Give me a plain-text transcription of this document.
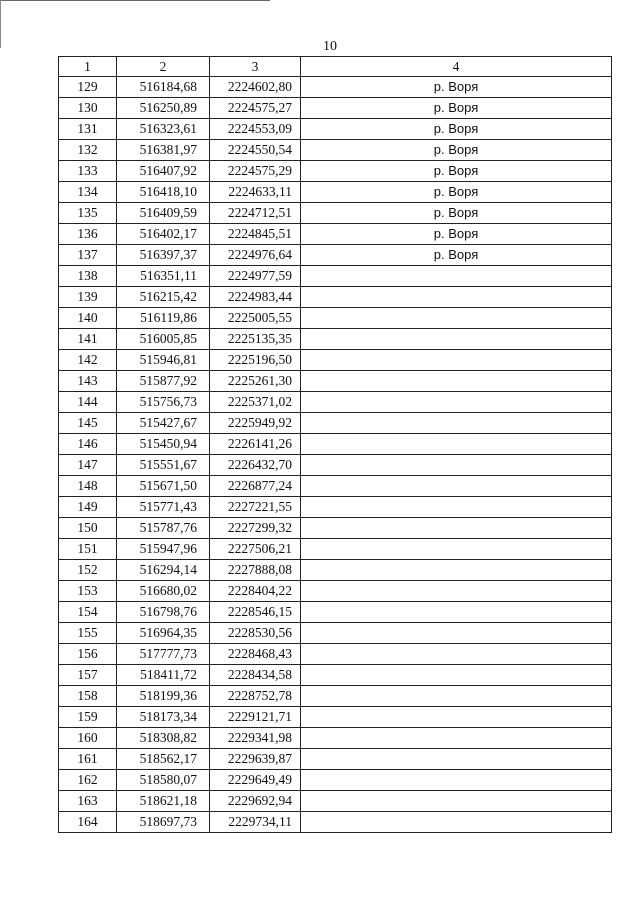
10
1	2	3	4
129	516184,68	2224602,80	р. Воря
130	516250,89	2224575,27	р. Воря
131	516323,61	2224553,09	р. Воря
132	516381,97	2224550,54	р. Воря
133	516407,92	2224575,29	р. Воря
134	516418,10	2224633,11	р. Воря
135	516409,59	2224712,51	р. Воря
136	516402,17	2224845,51	р. Воря
137	516397,37	2224976,64	р. Воря
138	516351,11	2224977,59	
139	516215,42	2224983,44	
140	516119,86	2225005,55	
141	516005,85	2225135,35	
142	515946,81	2225196,50	
143	515877,92	2225261,30	
144	515756,73	2225371,02	
145	515427,67	2225949,92	
146	515450,94	2226141,26	
147	515551,67	2226432,70	
148	515671,50	2226877,24	
149	515771,43	2227221,55	
150	515787,76	2227299,32	
151	515947,96	2227506,21	
152	516294,14	2227888,08	
153	516680,02	2228404,22	
154	516798,76	2228546,15	
155	516964,35	2228530,56	
156	517777,73	2228468,43	
157	518411,72	2228434,58	
158	518199,36	2228752,78	
159	518173,34	2229121,71	
160	518308,82	2229341,98	
161	518562,17	2229639,87	
162	518580,07	2229649,49	
163	518621,18	2229692,94	
164	518697,73	2229734,11	
